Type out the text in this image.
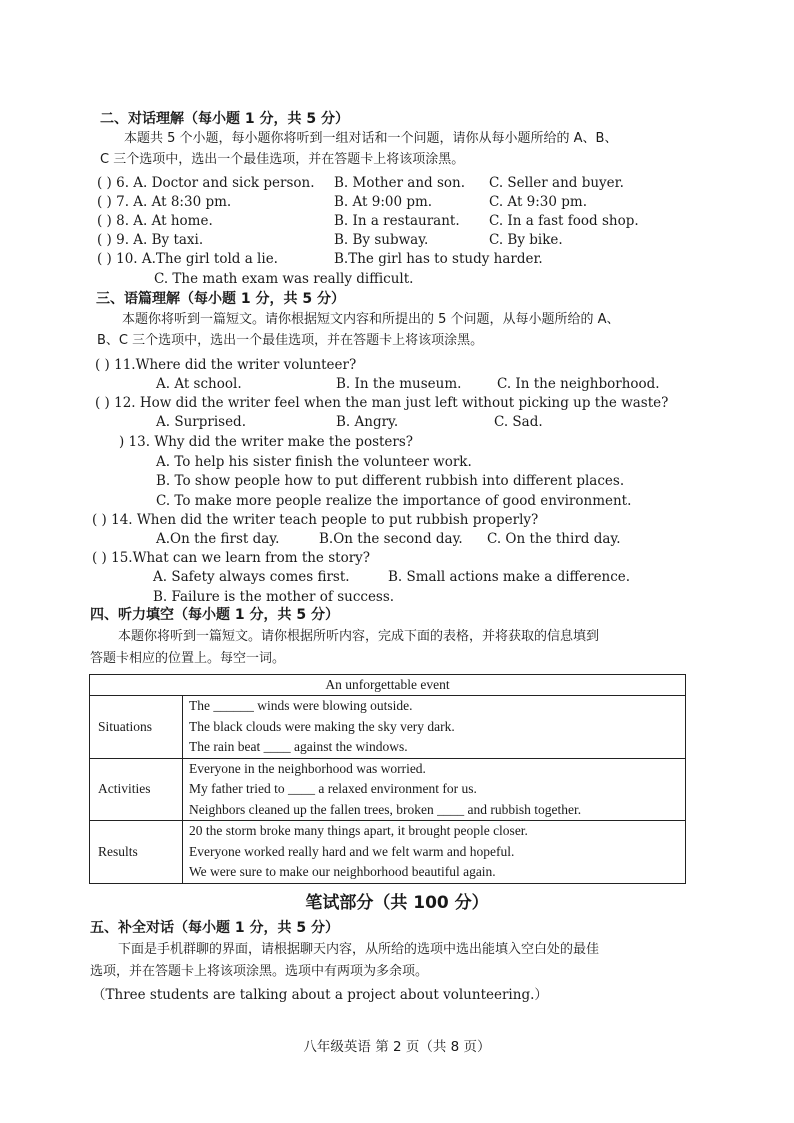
二、对话理解（每小题 1 分，共 5 分）
本题共 5 个小题，每小题你将听到一组对话和一个问题，请你从每小题所给的 A、B、
C 三个选项中，选出一个最佳选项，并在答题卡上将该项涂黑。
( ) 6. A. Doctor and sick person. B. Mother and son. C. Seller and buyer.
( ) 7. A. At 8:30 pm.	B. At 9:00 pm.	C. At 9:30 pm.
( ) 8. A. At home.	B. In a restaurant. C. In a fast food shop.
( ) 9. A. By taxi.	B. By subway.	C. By bike.
( ) 10. A.The girl told a lie.	B.The girl has to study harder.
C. The math exam was really difficult.
三、语篇理解（每小题 1 分，共 5 分）
本题你将听到一篇短文。请你根据短文内容和所提出的 5 个问题，从每小题所给的 A、
B、C 三个选项中，选出一个最佳选项，并在答题卡上将该项涂黑。
( ) 11.Where did the writer volunteer?
A. At school.	B. In the museum.	C. In the neighborhood.
( ) 12. How did the writer feel when the man just left without picking up the waste?
A. Surprised.	B. Angry.	C. Sad.
) 13. Why did the writer make the posters?
A. To help his sister finish the volunteer work.
B. To show people how to put different rubbish into different places.
C. To make more people realize the importance of good environment.
( ) 14. When did the writer teach people to put rubbish properly?
A.On the first day.	B.On the second day. C. On the third day.
( ) 15.What can we learn from the story?
A. Safety always comes first.	B. Small actions make a difference.
B. Failure is the mother of success.
四、听力填空（每小题 1 分，共 5 分）
本题你将听到一篇短文。请你根据所听内容，完成下面的表格，并将获取的信息填到
答题卡相应的位置上。每空一词。
An unforgettable event	
Situations	The ______ winds were blowing outside.
The black clouds were making the sky very dark.
The rain beat ____ against the windows.

Activities	Everyone in the neighborhood was worried.
My father tried to ____ a relaxed environment for us.
Neighbors cleaned up the fallen trees, broken ____ and rubbish together.

Results	20 the storm broke many things apart, it brought people closer.
Everyone worked really hard and we felt warm and hopeful.
We were sure to make our neighborhood beautiful again.
笔试部分（共 100 分）
五、补全对话（每小题 1 分，共 5 分）
下面是手机群聊的界面，请根据聊天内容，从所给的选项中选出能填入空白处的最佳
选项，并在答题卡上将该项涂黑。选项中有两项为多余项。
（Three students are talking about a project about volunteering.）
八年级英语 第 2 页（共 8 页）
